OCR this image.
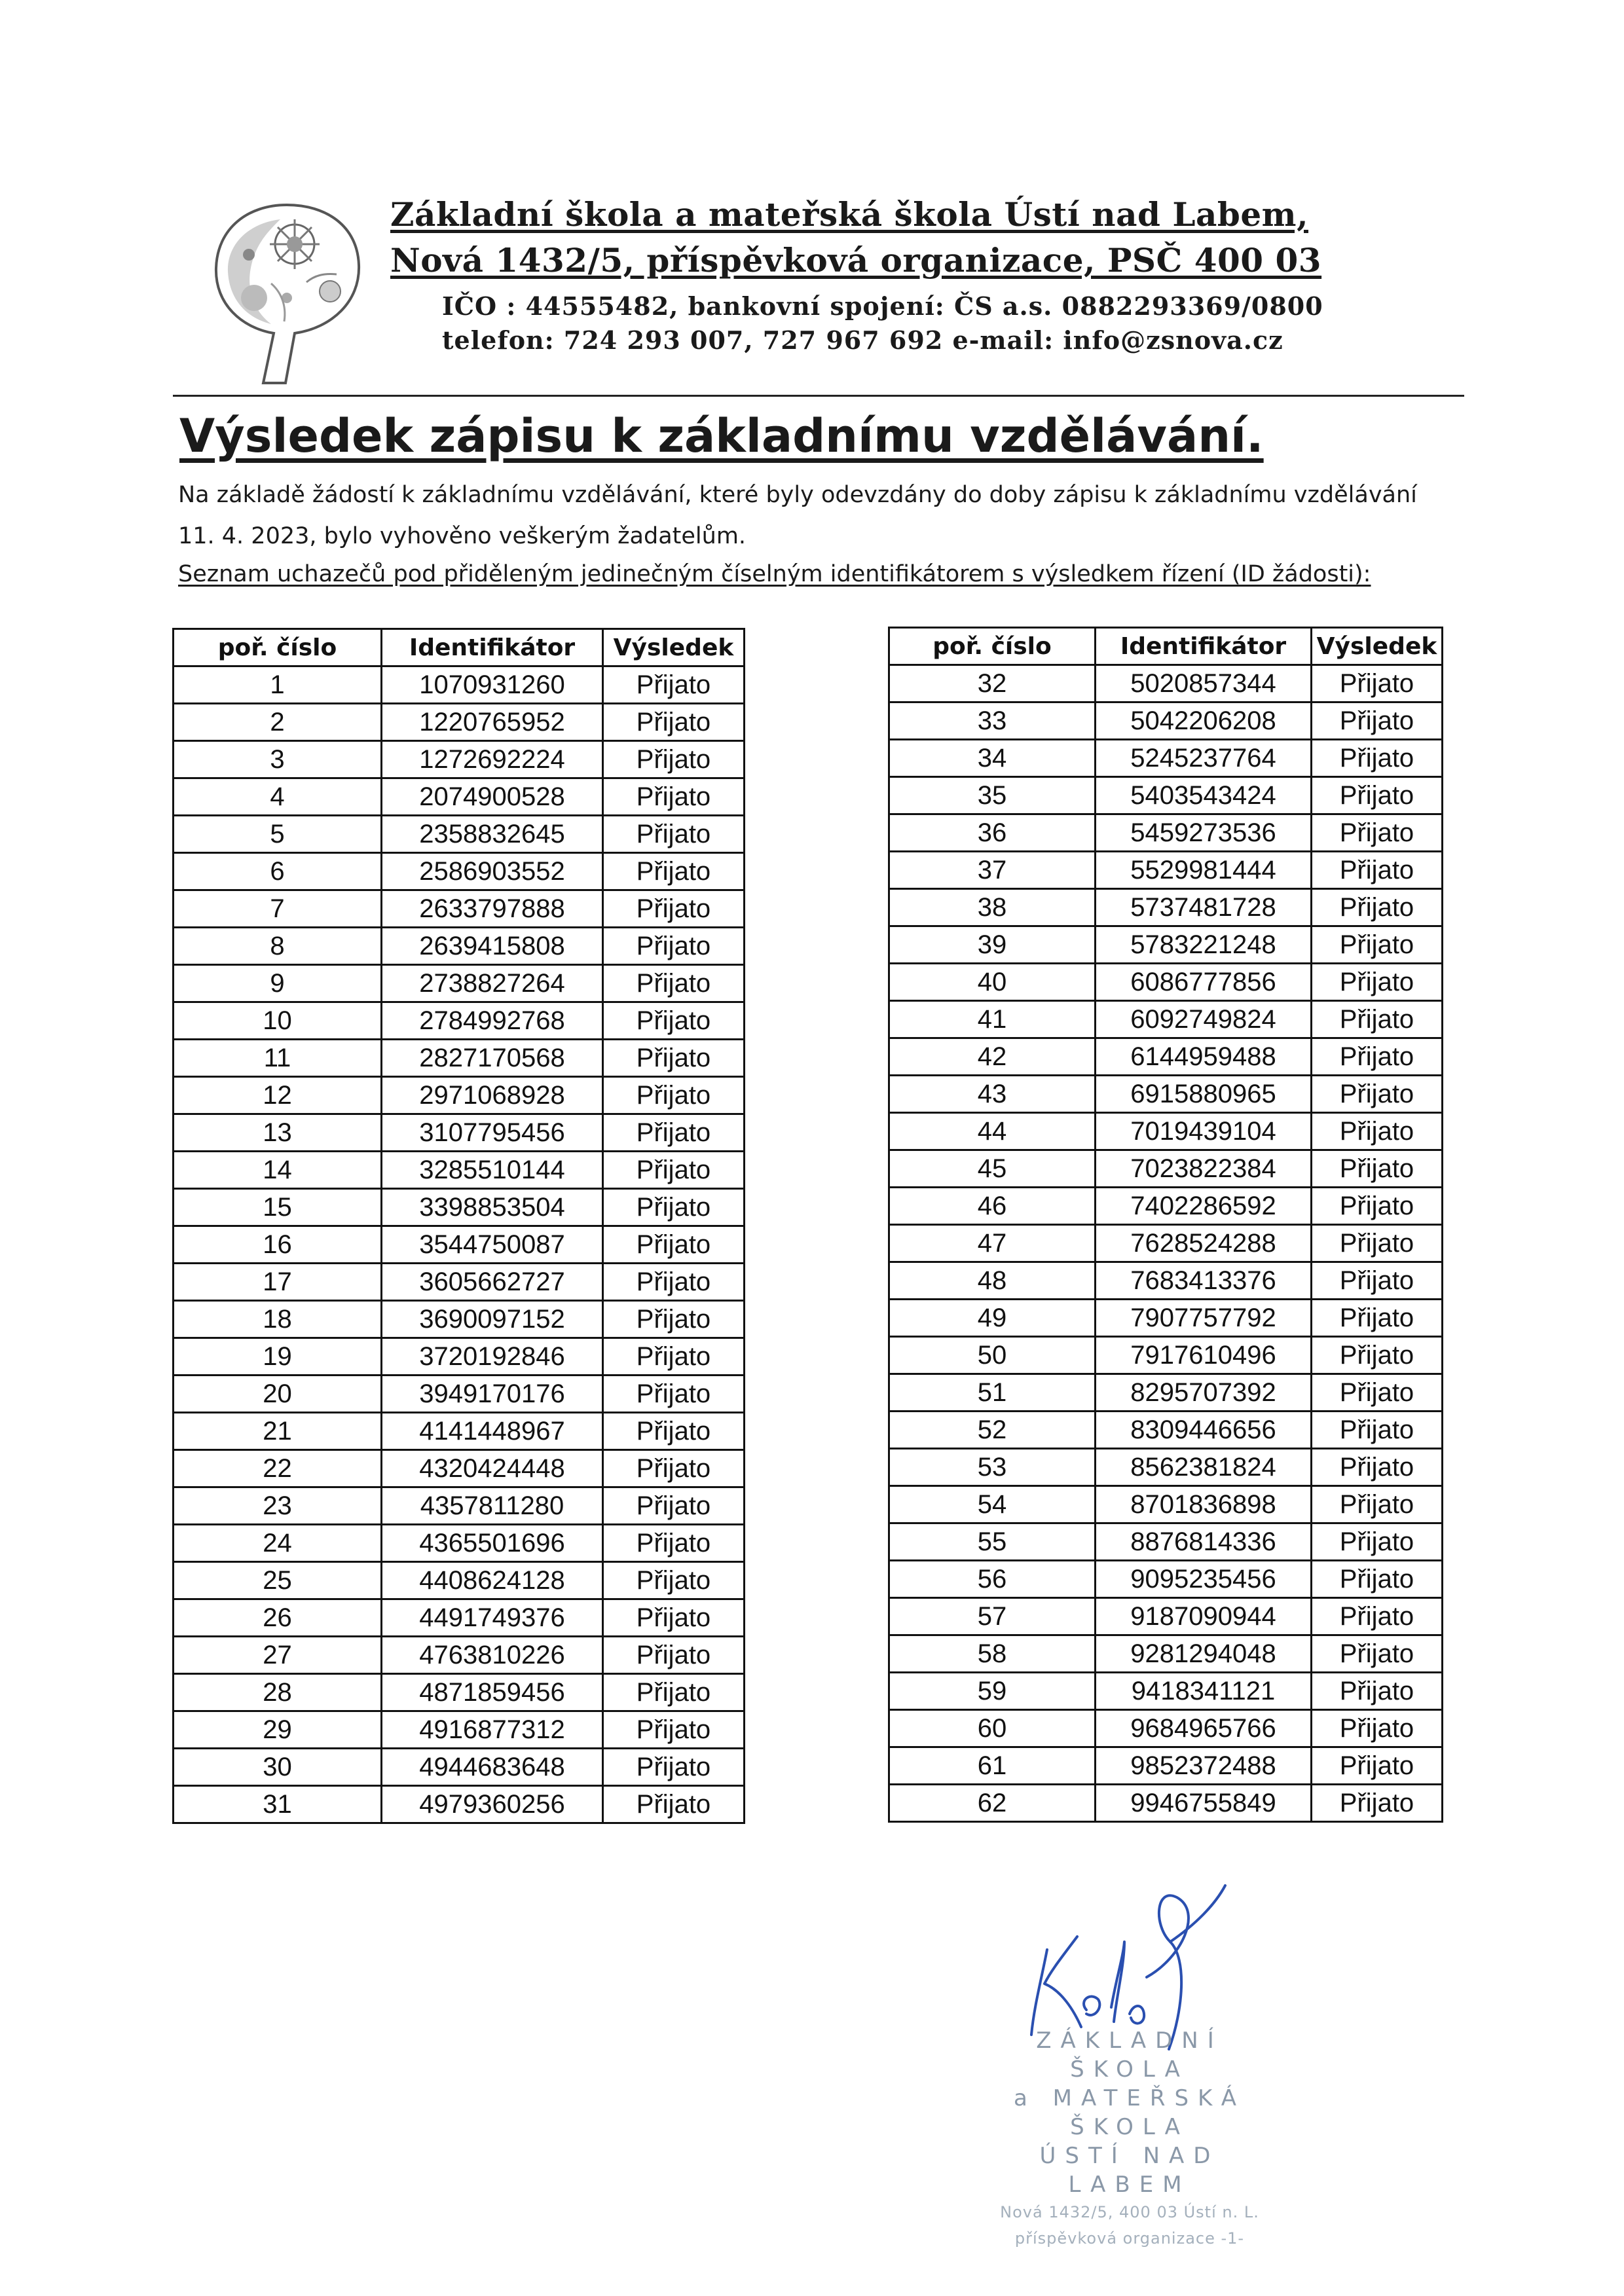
Základní škola a mateřská škola Ústí nad Labem,
Nová 1432/5, příspěvková organizace, PSČ 400 03
IČO : 44555482, bankovní spojení: ČS a.s. 0882293369/0800
telefon: 724 293 007, 727 967 692 e-mail: info@zsnova.cz
Výsledek zápisu k základnímu vzdělávání.
Na základě žádostí k základnímu vzdělávání, které byly odevzdány do doby zápisu k základnímu vzdělávání
11. 4. 2023, bylo vyhověno veškerým žadatelům.
Seznam uchazečů pod přiděleným jedinečným číselným identifikátorem s výsledkem řízení (ID žádosti):
poř. číslo	Identifikátor	Výsledek
1	1070931260	Přijato
2	1220765952	Přijato
3	1272692224	Přijato
4	2074900528	Přijato
5	2358832645	Přijato
6	2586903552	Přijato
7	2633797888	Přijato
8	2639415808	Přijato
9	2738827264	Přijato
10	2784992768	Přijato
11	2827170568	Přijato
12	2971068928	Přijato
13	3107795456	Přijato
14	3285510144	Přijato
15	3398853504	Přijato
16	3544750087	Přijato
17	3605662727	Přijato
18	3690097152	Přijato
19	3720192846	Přijato
20	3949170176	Přijato
21	4141448967	Přijato
22	4320424448	Přijato
23	4357811280	Přijato
24	4365501696	Přijato
25	4408624128	Přijato
26	4491749376	Přijato
27	4763810226	Přijato
28	4871859456	Přijato
29	4916877312	Přijato
30	4944683648	Přijato
31	4979360256	Přijato
poř. číslo	Identifikátor	Výsledek
32	5020857344	Přijato
33	5042206208	Přijato
34	5245237764	Přijato
35	5403543424	Přijato
36	5459273536	Přijato
37	5529981444	Přijato
38	5737481728	Přijato
39	5783221248	Přijato
40	6086777856	Přijato
41	6092749824	Přijato
42	6144959488	Přijato
43	6915880965	Přijato
44	7019439104	Přijato
45	7023822384	Přijato
46	7402286592	Přijato
47	7628524288	Přijato
48	7683413376	Přijato
49	7907757792	Přijato
50	7917610496	Přijato
51	8295707392	Přijato
52	8309446656	Přijato
53	8562381824	Přijato
54	8701836898	Přijato
55	8876814336	Přijato
56	9095235456	Přijato
57	9187090944	Přijato
58	9281294048	Přijato
59	9418341121	Přijato
60	9684965766	Přijato
61	9852372488	Přijato
62	9946755849	Přijato
ZÁKLADNÍ ŠKOLA
a MATEŘSKÁ ŠKOLA
ÚSTÍ NAD LABEM
Nová 1432/5, 400 03 Ústí n. L.
příspěvková organizace -1-
